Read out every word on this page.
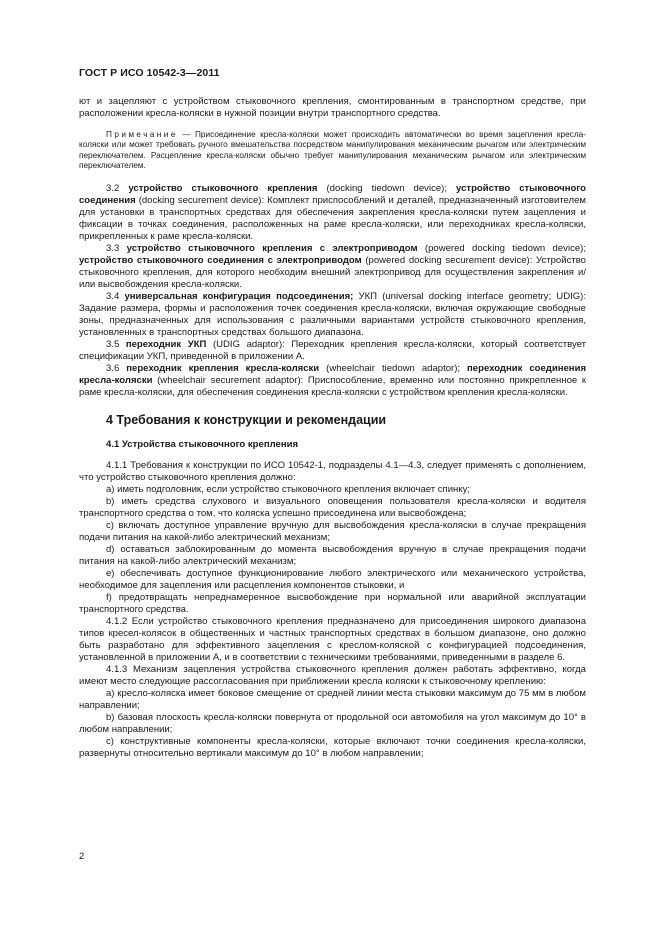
ГОСТ Р ИСО 10542-3—2011

ют и зацепляют с устройством стыковочного крепления, смонтированным в транспортном средстве, при расположении кресла-коляски в нужной позиции внутри транспортного средства.

Примечание — Присоединение кресла-коляски может происходить автоматически во время зацепления кресла-коляски или может требовать ручного вмешательства посредством манипулирования механическим рычагом или электрическим переключателем. Расцепление кресла-коляски обычно требует манипулирования механическим рычагом или электрическим переключателем.

3.2 устройство стыковочного крепления (docking tiedown device); устройство стыковочного соединения (docking securement device): Комплект приспособлений и деталей, предназначенный изготовителем для установки в транспортных средствах для обеспечения закрепления кресла-коляски путем зацепления и фиксации в точках соединения, расположенных на раме кресла-коляски, или переходниках кресла-коляски, прикрепленных к раме кресла-коляски.

3.3 устройство стыковочного крепления с электроприводом (powered docking tiedown device); устройство стыковочного соединения с электроприводом (powered docking securement device): Устройство стыковочного крепления, для которого необходим внешний электропривод для осуществления закрепления и/или высвобождения кресла-коляски.

3.4 универсальная конфигурация подсоединения; УКП (universal docking interface geometry; UDIG): Задание размера, формы и расположения точек соединения кресла-коляски, включая окружающие свободные зоны, предназначенных для использования с различными вариантами устройств стыковочного крепления, установленных в транспортных средствах большого диапазона.

3.5 переходник УКП (UDIG adaptor): Переходник крепления кресла-коляски, который соответствует спецификации УКП, приведенной в приложении А.

3.6 переходник крепления кресла-коляски (wheelchair tiedown adaptor); переходник соединения кресла-коляски (wheelchair securement adaptor): Приспособление, временно или постоянно прикрепленное к раме кресла-коляски, для обеспечения соединения кресла-коляски с устройством крепления кресла-коляски.

4 Требования к конструкции и рекомендации

4.1 Устройства стыковочного крепления

4.1.1 Требования к конструкции по ИСО 10542-1, подразделы 4.1—4.3, следует применять с дополнением, что устройство стыковочного крепления должно:

a) иметь подголовник, если устройство стыковочного крепления включает спинку;

b) иметь средства слухового и визуального оповещения пользователя кресла-коляски и водителя транспортного средства о том, что коляска успешно присоединена или высвобождена;

c) включать доступное управление вручную для высвобождения кресла-коляски в случае прекращения подачи питания на какой-либо электрический механизм;

d) оставаться заблокированным до момента высвобождения вручную в случае прекращения подачи питания на какой-либо электрический механизм;

e) обеспечивать доступное функционирование любого электрического или механического устройства, необходимое для зацепления или расцепления компонентов стыковки, и

f) предотвращать непреднамеренное высвобождение при нормальной или аварийной эксплуатации транспортного средства.

4.1.2 Если устройство стыковочного крепления предназначено для присоединения широкого диапазона типов кресел-колясок в общественных и частных транспортных средствах в большом диапазоне, оно должно быть разработано для эффективного зацепления с креслом-коляской с конфигурацией подсоединения, установленной в приложении А, и в соответствии с техническими требованиями, приведенными в разделе 6.

4.1.3 Механизм зацепления устройства стыковочного крепления должен работать эффективно, когда имеют место следующие рассогласования при приближении кресла коляски к стыковочному креплению:

a) кресло-коляска имеет боковое смещение от средней линии места стыковки максимум до 75 мм в любом направлении;

b) базовая плоскость кресла-коляски повернута от продольной оси автомобиля на угол максимум до 10° в любом направлении;

c) конструктивные компоненты кресла-коляски, которые включают точки соединения кресла-коляски, развернуты относительно вертикали максимум до 10° в любом направлении;

2
